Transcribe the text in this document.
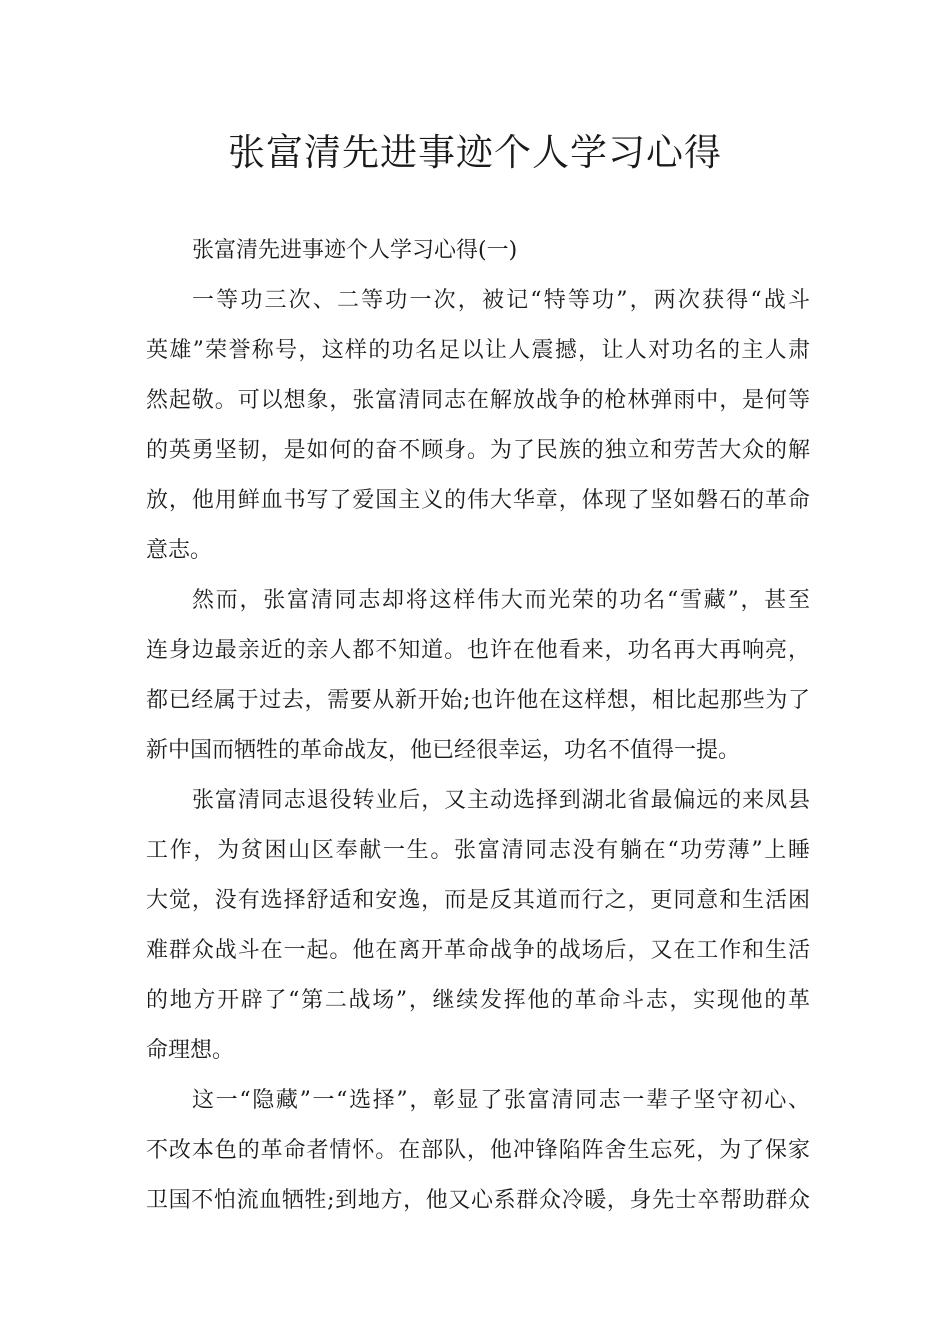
张富清先进事迹个人学习心得
张富清先进事迹个人学习心得(一)
一等功三次、二等功一次，被记“特等功”，两次获得“战斗
英雄”荣誉称号，这样的功名足以让人震撼，让人对功名的主人肃
然起敬。可以想象，张富清同志在解放战争的枪林弹雨中，是何等
的英勇坚韧，是如何的奋不顾身。为了民族的独立和劳苦大众的解
放，他用鲜血书写了爱国主义的伟大华章，体现了坚如磐石的革命
意志。
然而，张富清同志却将这样伟大而光荣的功名“雪藏”，甚至
连身边最亲近的亲人都不知道。也许在他看来，功名再大再响亮，
都已经属于过去，需要从新开始;也许他在这样想，相比起那些为了
新中国而牺牲的革命战友，他已经很幸运，功名不值得一提。
张富清同志退役转业后，又主动选择到湖北省最偏远的来凤县
工作，为贫困山区奉献一生。张富清同志没有躺在“功劳薄”上睡
大觉，没有选择舒适和安逸，而是反其道而行之，更同意和生活困
难群众战斗在一起。他在离开革命战争的战场后，又在工作和生活
的地方开辟了“第二战场”，继续发挥他的革命斗志，实现他的革
命理想。
这一“隐藏”一“选择”，彰显了张富清同志一辈子坚守初心、
不改本色的革命者情怀。在部队，他冲锋陷阵舍生忘死，为了保家
卫国不怕流血牺牲;到地方，他又心系群众冷暖，身先士卒帮助群众
